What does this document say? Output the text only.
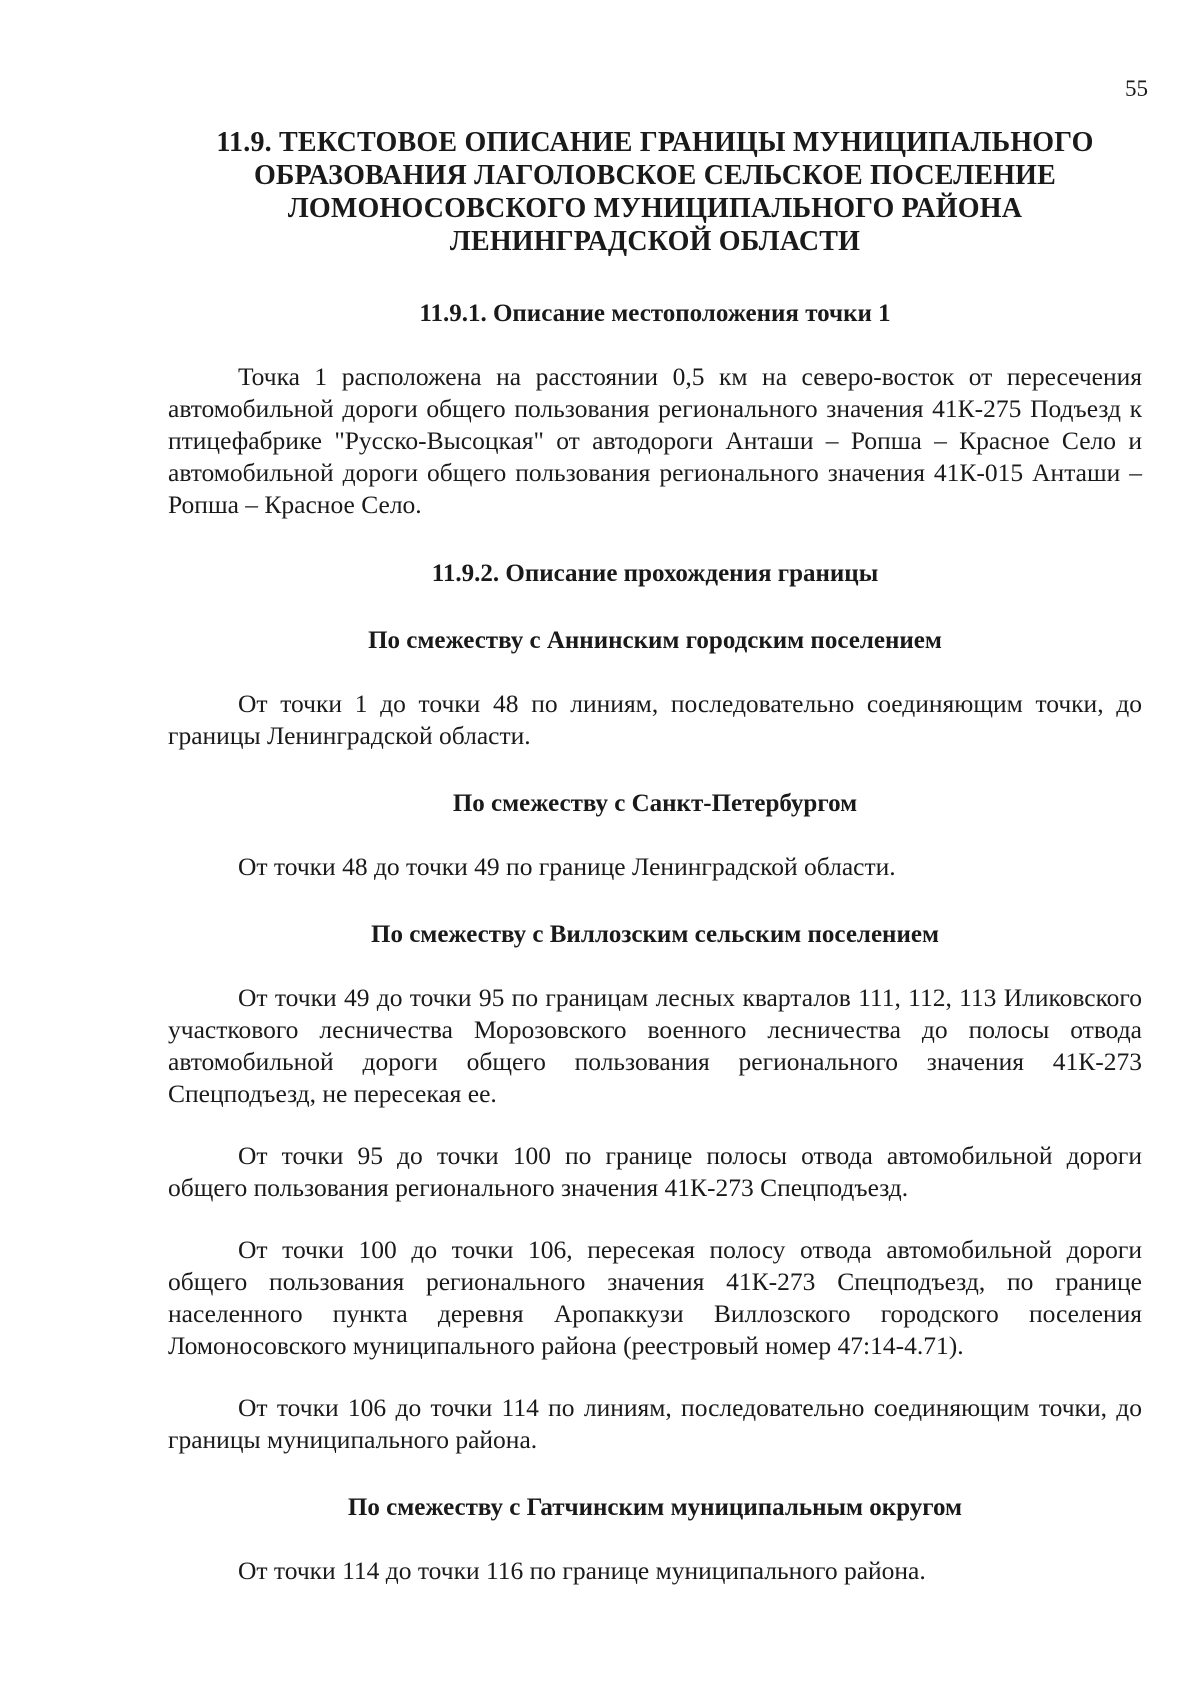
55
11.9. ТЕКСТОВОЕ ОПИСАНИЕ ГРАНИЦЫ МУНИЦИПАЛЬНОГО
ОБРАЗОВАНИЯ ЛАГОЛОВСКОЕ СЕЛЬСКОЕ ПОСЕЛЕНИЕ
ЛОМОНОСОВСКОГО МУНИЦИПАЛЬНОГО РАЙОНА
ЛЕНИНГРАДСКОЙ ОБЛАСТИ
11.9.1. Описание местоположения точки 1

Точка 1 расположена на расстоянии 0,5 км на северо-восток от пересечения автомобильной дороги общего пользования регионального значения 41К-275 Подъезд к птицефабрике "Русско-Высоцкая" от автодороги Анташи – Ропша – Красное Село и автомобильной дороги общего пользования регионального значения 41К-015 Анташи – Ропша – Красное Село.

11.9.2. Описание прохождения границы
По смежеству с Аннинским городским поселением

От точки 1 до точки 48 по линиям, последовательно соединяющим точки, до границы Ленинградской области.

По смежеству с Санкт-Петербургом

От точки 48 до точки 49 по границе Ленинградской области.

По смежеству с Виллозским сельским поселением

От точки 49 до точки 95 по границам лесных кварталов 111, 112, 113 Иликовского участкового лесничества Морозовского военного лесничества до полосы отвода автомобильной дороги общего пользования регионального значения 41К-273 Спецподъезд, не пересекая ее.

От точки 95 до точки 100 по границе полосы отвода автомобильной дороги общего пользования регионального значения 41К-273 Спецподъезд.

От точки 100 до точки 106, пересекая полосу отвода автомобильной дороги общего пользования регионального значения 41К-273 Спецподъезд, по границе населенного пункта деревня Аропаккузи Виллозского городского поселения Ломоносовского муниципального района (реестровый номер 47:14-4.71).

От точки 106 до точки 114 по линиям, последовательно соединяющим точки, до границы муниципального района.

По смежеству с Гатчинским муниципальным округом

От точки 114 до точки 116 по границе муниципального района.
